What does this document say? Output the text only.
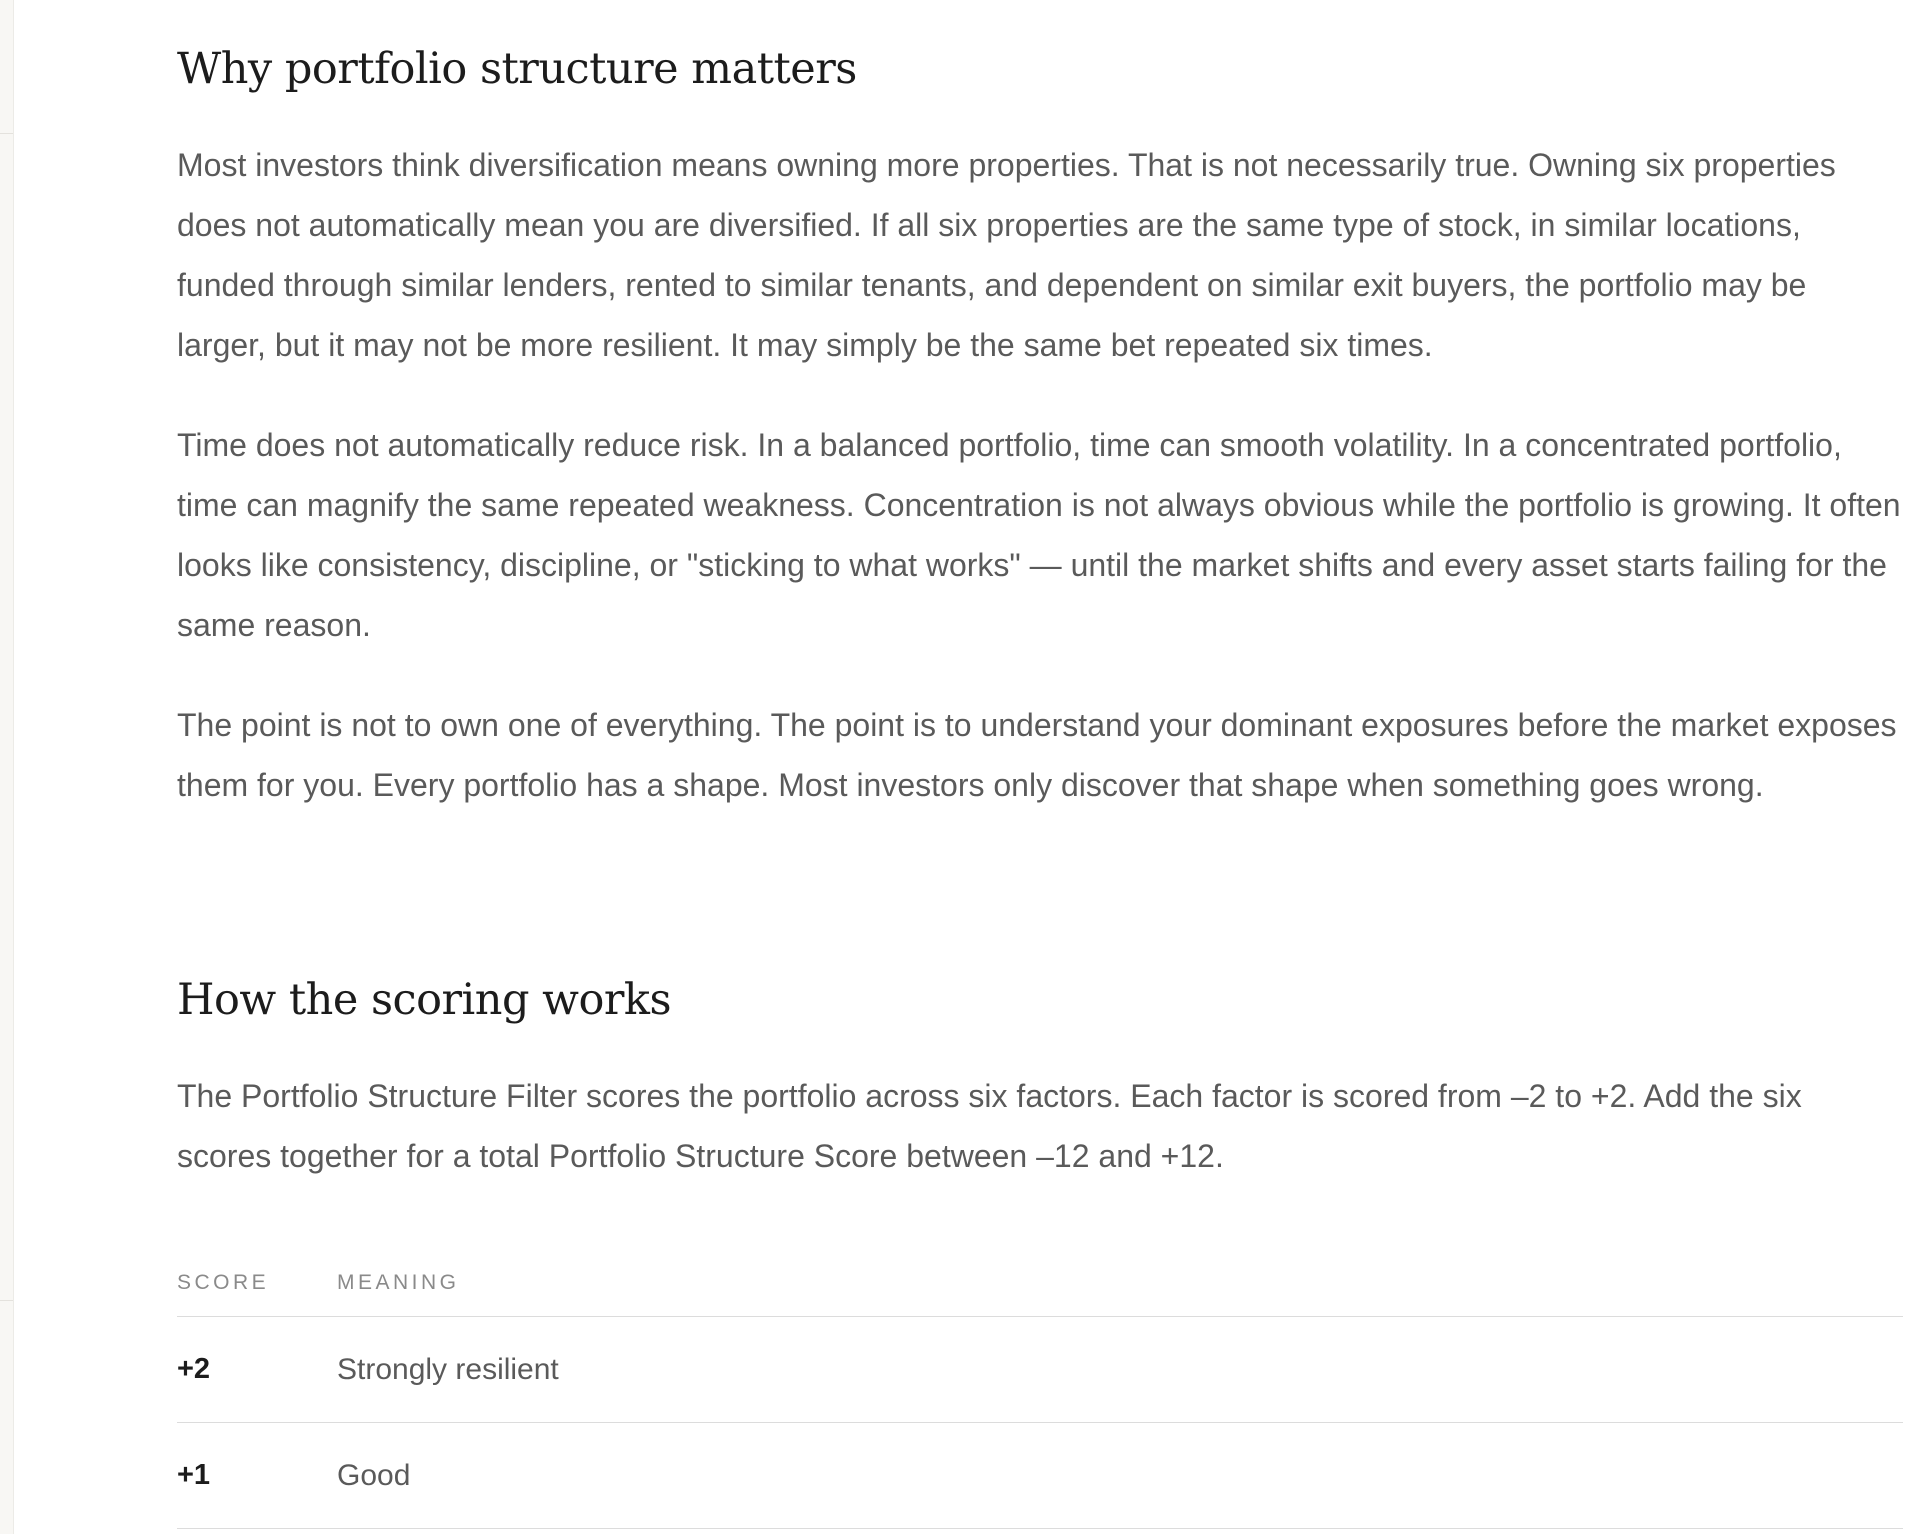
Why portfolio structure matters

Most investors think diversification means owning more properties. That is not necessarily true. Owning six properties does not automatically mean you are diversified. If all six properties are the same type of stock, in similar locations, funded through similar lenders, rented to similar tenants, and dependent on similar exit buyers, the portfolio may be larger, but it may not be more resilient. It may simply be the same bet repeated six times.

Time does not automatically reduce risk. In a balanced portfolio, time can smooth volatility. In a concentrated portfolio, time can magnify the same repeated weakness. Concentration is not always obvious while the portfolio is growing. It often looks like consistency, discipline, or "sticking to what works" — until the market shifts and every asset starts failing for the same reason.

The point is not to own one of everything. The point is to understand your dominant exposures before the market exposes them for you. Every portfolio has a shape. Most investors only discover that shape when something goes wrong.

How the scoring works

The Portfolio Structure Filter scores the portfolio across six factors. Each factor is scored from –2 to +2. Add the six scores together for a total Portfolio Structure Score between –12 and +12.

SCORE	MEANING
+2	Strongly resilient
+1	Good
